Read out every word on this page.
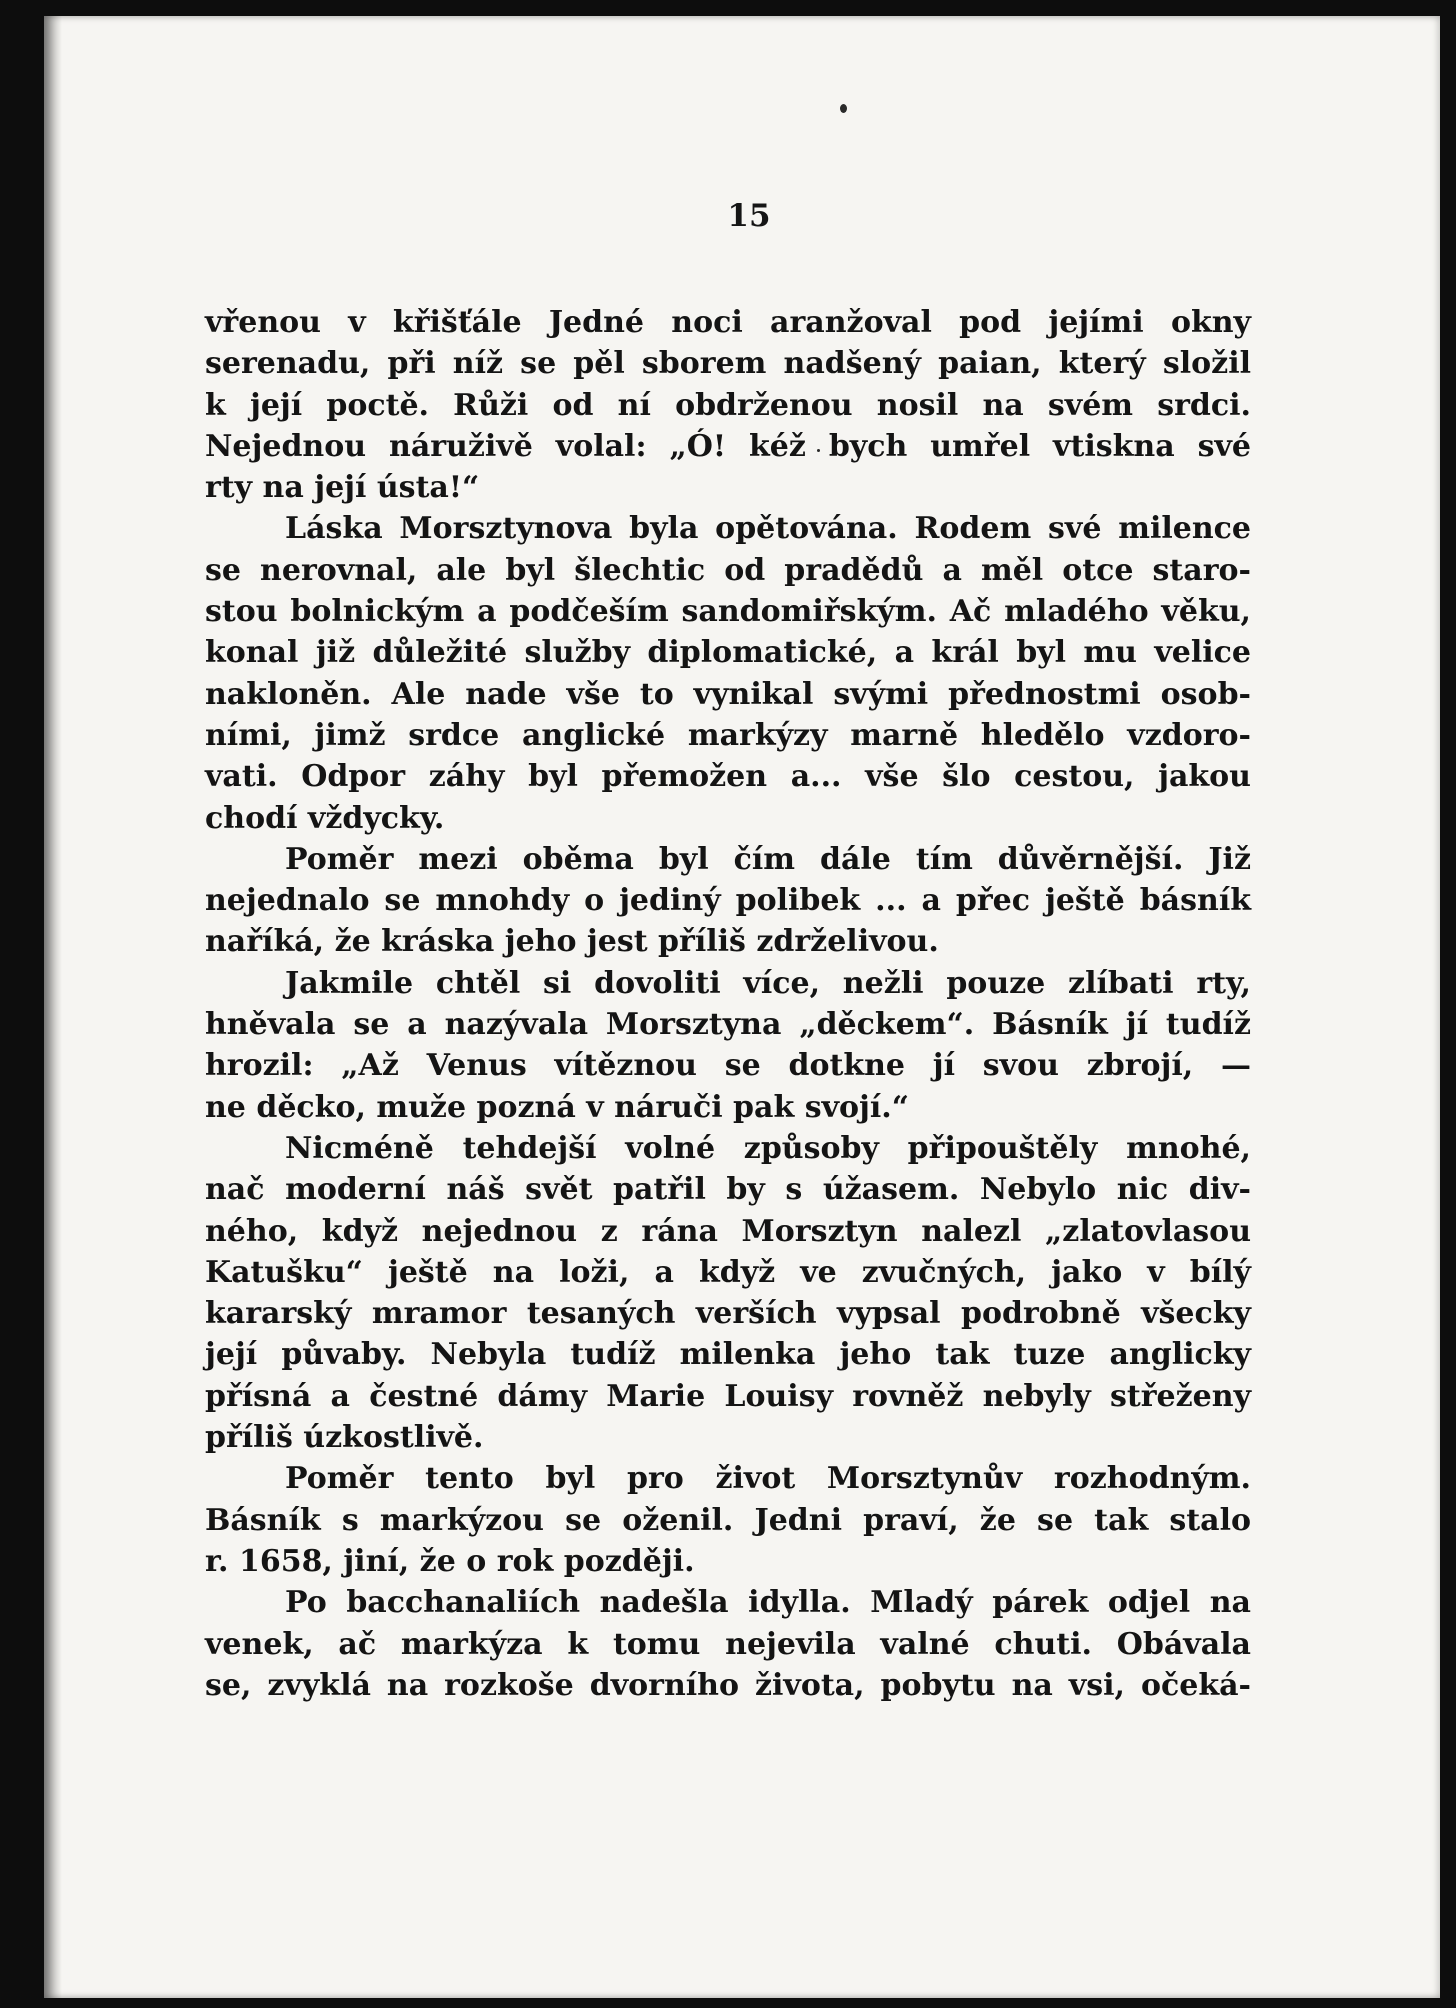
15
vřenou v křišťále Jedné noci aranžoval pod jejími okny
serenadu, při níž se pěl sborem nadšený paian, který složil
k její poctě. Růži od ní obdrženou nosil na svém srdci.
Nejednou náruživě volal: „Ó! kéž bych umřel vtiskna své
rty na její ústa!“
Láska Morsztynova byla opětována. Rodem své milence
se nerovnal, ale byl šlechtic od pradědů a měl otce staro-
stou bolnickým a podčeším sandomiřským. Ač mladého věku,
konal již důležité služby diplomatické, a král byl mu velice
nakloněn. Ale nade vše to vynikal svými přednostmi osob-
ními, jimž srdce anglické markýzy marně hledělo vzdoro-
vati. Odpor záhy byl přemožen a... vše šlo cestou, jakou
chodí vždycky.
Poměr mezi oběma byl čím dále tím důvěrnější. Již
nejednalo se mnohdy o jediný polibek ... a přec ještě básník
naříká, že kráska jeho jest příliš zdrželivou.
Jakmile chtěl si dovoliti více, nežli pouze zlíbati rty,
hněvala se a nazývala Morsztyna „děckem“. Básník jí tudíž
hrozil: „Až Venus vítěznou se dotkne jí svou zbrojí, —
ne děcko, muže pozná v náruči pak svojí.“
Nicméně tehdejší volné způsoby připouštěly mnohé,
nač moderní náš svět patřil by s úžasem. Nebylo nic div-
ného, když nejednou z rána Morsztyn nalezl „zlatovlasou
Katušku“ ještě na loži, a když ve zvučných, jako v bílý
kararský mramor tesaných verších vypsal podrobně všecky
její půvaby. Nebyla tudíž milenka jeho tak tuze anglicky
přísná a čestné dámy Marie Louisy rovněž nebyly střeženy
příliš úzkostlivě.
Poměr tento byl pro život Morsztynův rozhodným.
Básník s markýzou se oženil. Jedni praví, že se tak stalo
r. 1658, jiní, že o rok později.
Po bacchanaliích nadešla idylla. Mladý párek odjel na
venek, ač markýza k tomu nejevila valné chuti. Obávala
se, zvyklá na rozkoše dvorního života, pobytu na vsi, očeká-
